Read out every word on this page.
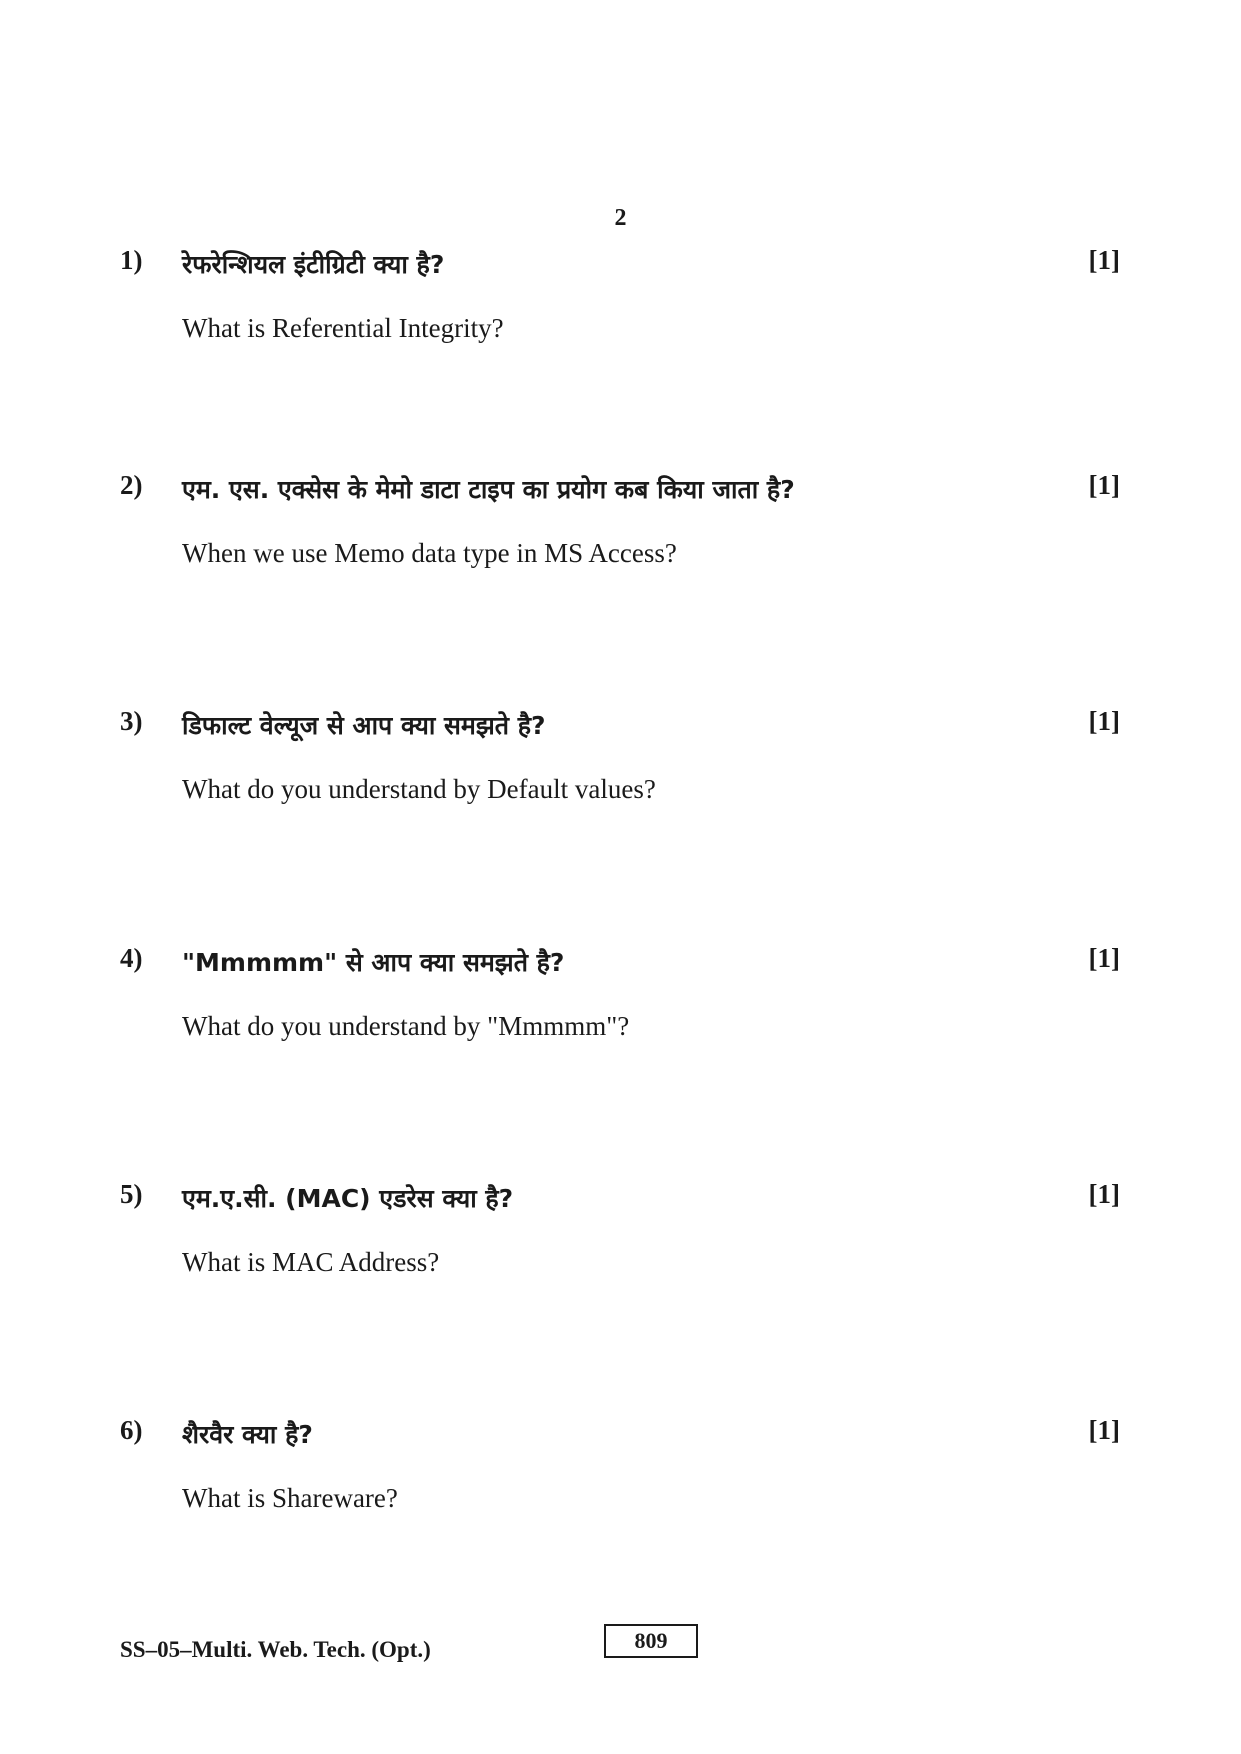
2
1) रेफरेन्शियल इंटीग्रिटी क्या है?	[1]
What is Referential Integrity?
2) एम. एस. एक्सेस के मेमो डाटा टाइप का प्रयोग कब किया जाता है?	[1]
When we use Memo data type in MS Access?
3) डिफाल्ट वेल्यूज से आप क्या समझते है?	[1]
What do you understand by Default values?
4) "Mmmmm" से आप क्या समझते है?	[1]
What do you understand by "Mmmmm"?
5) एम.ए.सी. (MAC) एडरेस क्या है?	[1]
What is MAC Address?
6) शैरवैर क्या है?	[1]
What is Shareware?
SS–05–Multi. Web. Tech. (Opt.)	809
